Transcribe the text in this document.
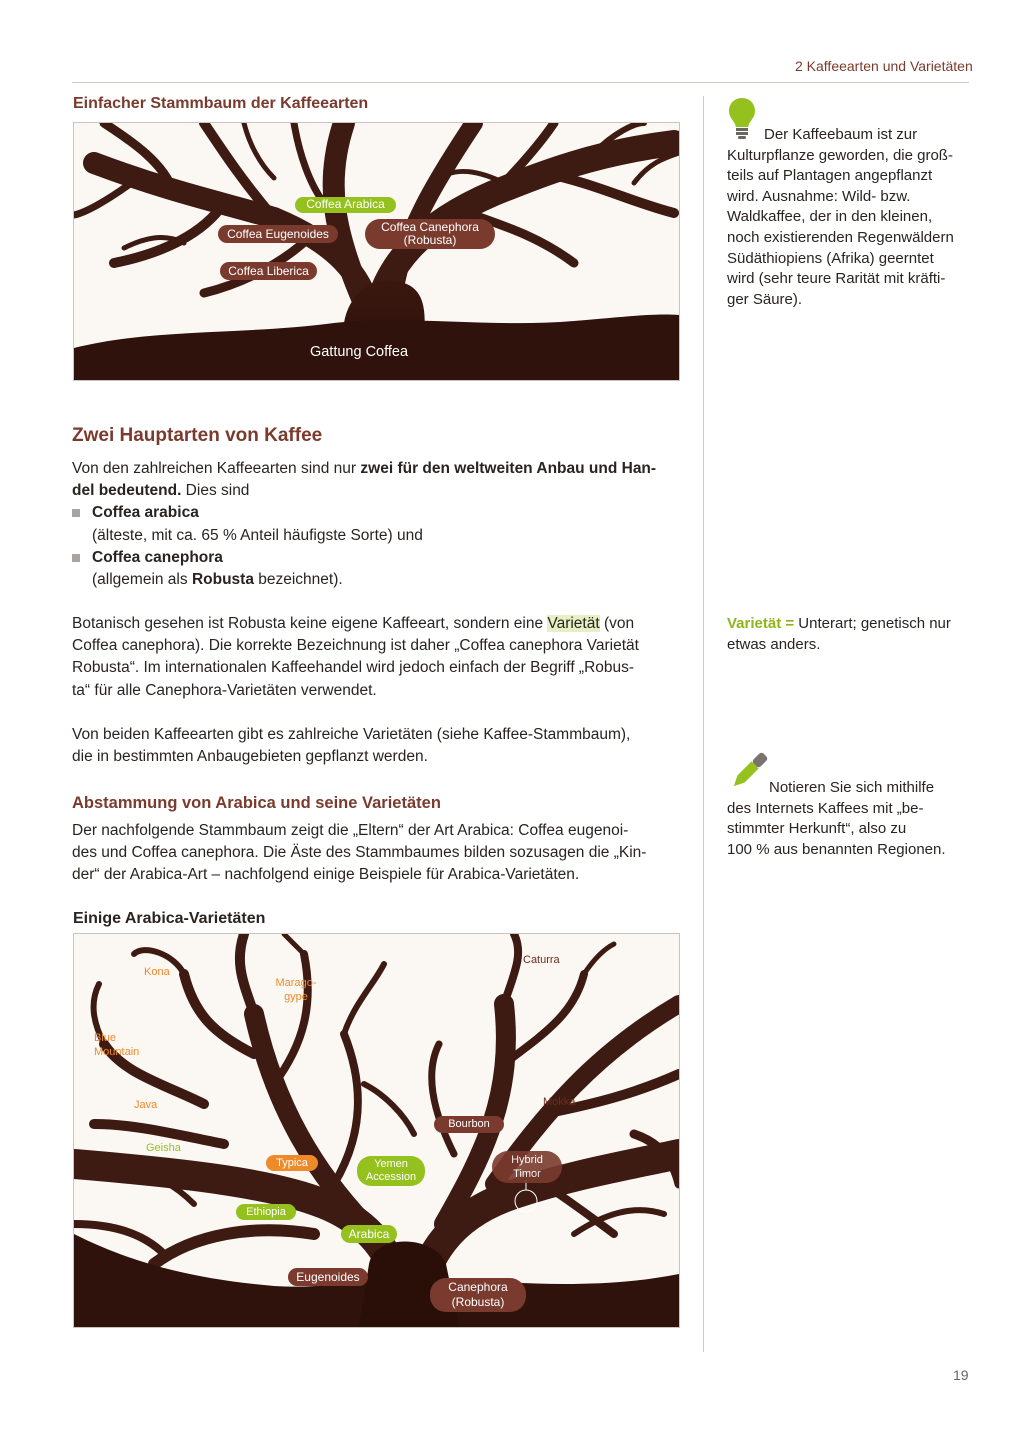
2 Kaffeearten und Varietäten
Einfacher Stammbaum der Kaffeearten
Coffea Arabica
Coffea Eugenoides	Coffea Canephora
(Robusta)
Coffea Liberica
Gattung Coffea
Zwei Hauptarten von Kaffee
Von den zahlreichen Kaffeearten sind nur zwei für den weltweiten Anbau und Han-
del bedeutend. Dies sind
Coffea arabica
(älteste, mit ca. 65 % Anteil häufigste Sorte) und
Coffea canephora
(allgemein als Robusta bezeichnet).
Botanisch gesehen ist Robusta keine eigene Kaffeeart, sondern eine Varietät (von
Coffea canephora). Die korrekte Bezeichnung ist daher „Coffea canephora Varietät
Robusta“. Im internationalen Kaffeehandel wird jedoch einfach der Begriff „Robus-
ta“ für alle Canephora-Varietäten verwendet.
Von beiden Kaffeearten gibt es zahlreiche Varietäten (siehe Kaffee-Stammbaum),
die in bestimmten Anbaugebieten gepflanzt werden.
Abstammung von Arabica und seine Varietäten
Der nachfolgende Stammbaum zeigt die „Eltern“ der Art Arabica: Coffea eugenoi-
des und Coffea canephora. Die Äste des Stammbaumes bilden sozusagen die „Kin-
der“ der Arabica-Art – nachfolgend einige Beispiele für Arabica-Varietäten.
Einige Arabica-Varietäten
Kona
Marago-
gype
Caturra
Blue
Mountain
Java	Mokka
Bourbon
Geisha
Typica	Yemen
Accession
Hybrid
Timor
Ethiopia
Arabica
Eugenoides
Canephora
(Robusta)
Der Kaffeebaum ist zur
Kulturpflanze geworden, die groß-
teils auf Plantagen angepflanzt
wird. Ausnahme: Wild- bzw.
Waldkaffee, der in den kleinen,
noch existierenden Regenwäldern
Südäthiopiens (Afrika) geerntet
wird (sehr teure Rarität mit kräfti-
ger Säure).
Varietät = Unterart; genetisch nur
etwas anders.
Notieren Sie sich mithilfe
des Internets Kaffees mit „be-
stimmter Herkunft“, also zu
100 % aus benannten Regionen.
19
